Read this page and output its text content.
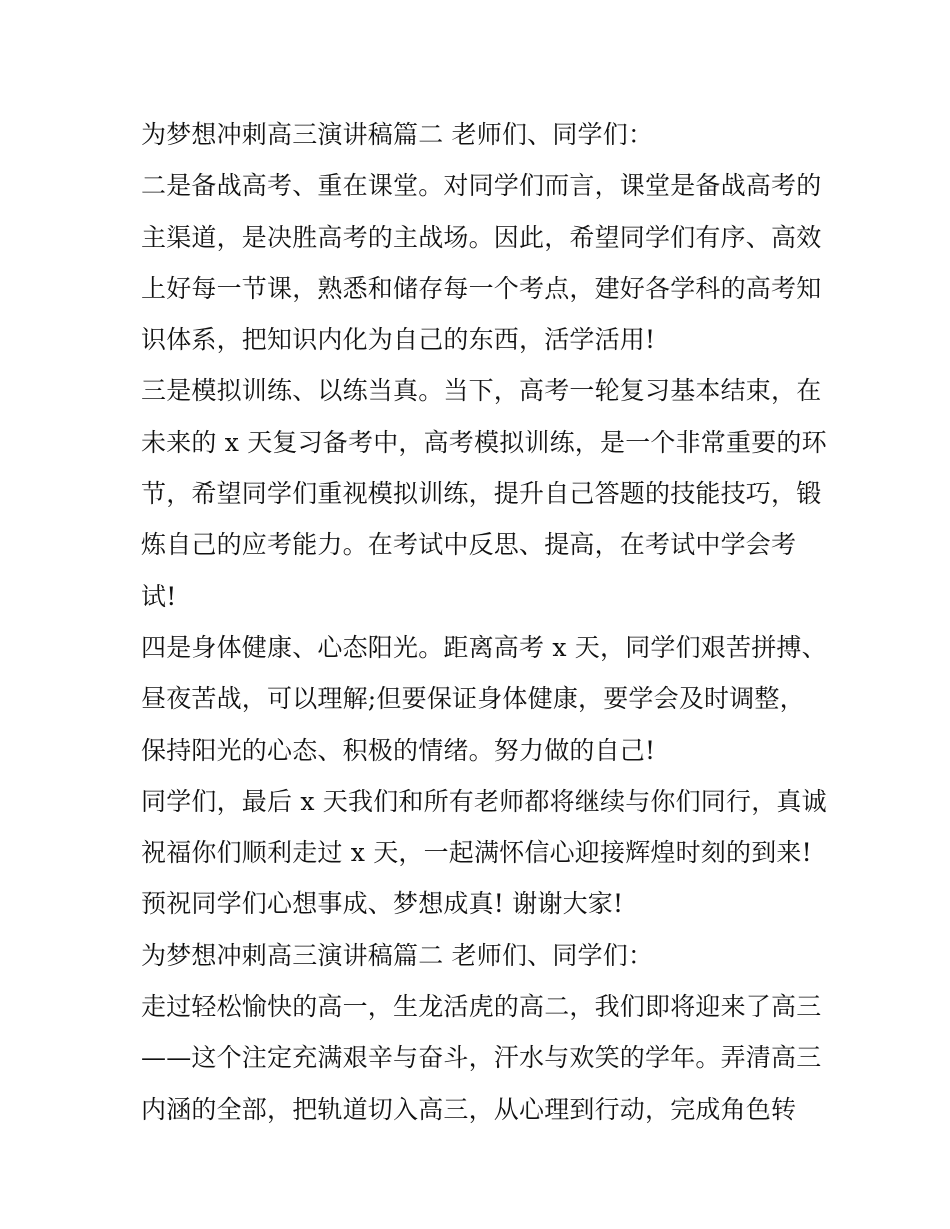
为梦想冲刺高三演讲稿篇二 老师们、同学们：
二是备战高考、重在课堂。对同学们而言，课堂是备战高考的
主渠道，是决胜高考的主战场。因此，希望同学们有序、高效
上好每一节课，熟悉和储存每一个考点，建好各学科的高考知
识体系，把知识内化为自己的东西，活学活用!
三是模拟训练、以练当真。当下，高考一轮复习基本结束，在
未来的 x 天复习备考中，高考模拟训练，是一个非常重要的环
节，希望同学们重视模拟训练，提升自己答题的技能技巧，锻
炼自己的应考能力。在考试中反思、提高，在考试中学会考
试!
四是身体健康、心态阳光。距离高考 x 天，同学们艰苦拼搏、
昼夜苦战，可以理解;但要保证身体健康，要学会及时调整，
保持阳光的心态、积极的情绪。努力做的自己!
同学们，最后 x 天我们和所有老师都将继续与你们同行，真诚
祝福你们顺利走过 x 天，一起满怀信心迎接辉煌时刻的到来!
预祝同学们心想事成、梦想成真! 谢谢大家!
为梦想冲刺高三演讲稿篇二 老师们、同学们：
走过轻松愉快的高一，生龙活虎的高二，我们即将迎来了高三
——这个注定充满艰辛与奋斗，汗水与欢笑的学年。弄清高三
内涵的全部，把轨道切入高三，从心理到行动，完成角色转
